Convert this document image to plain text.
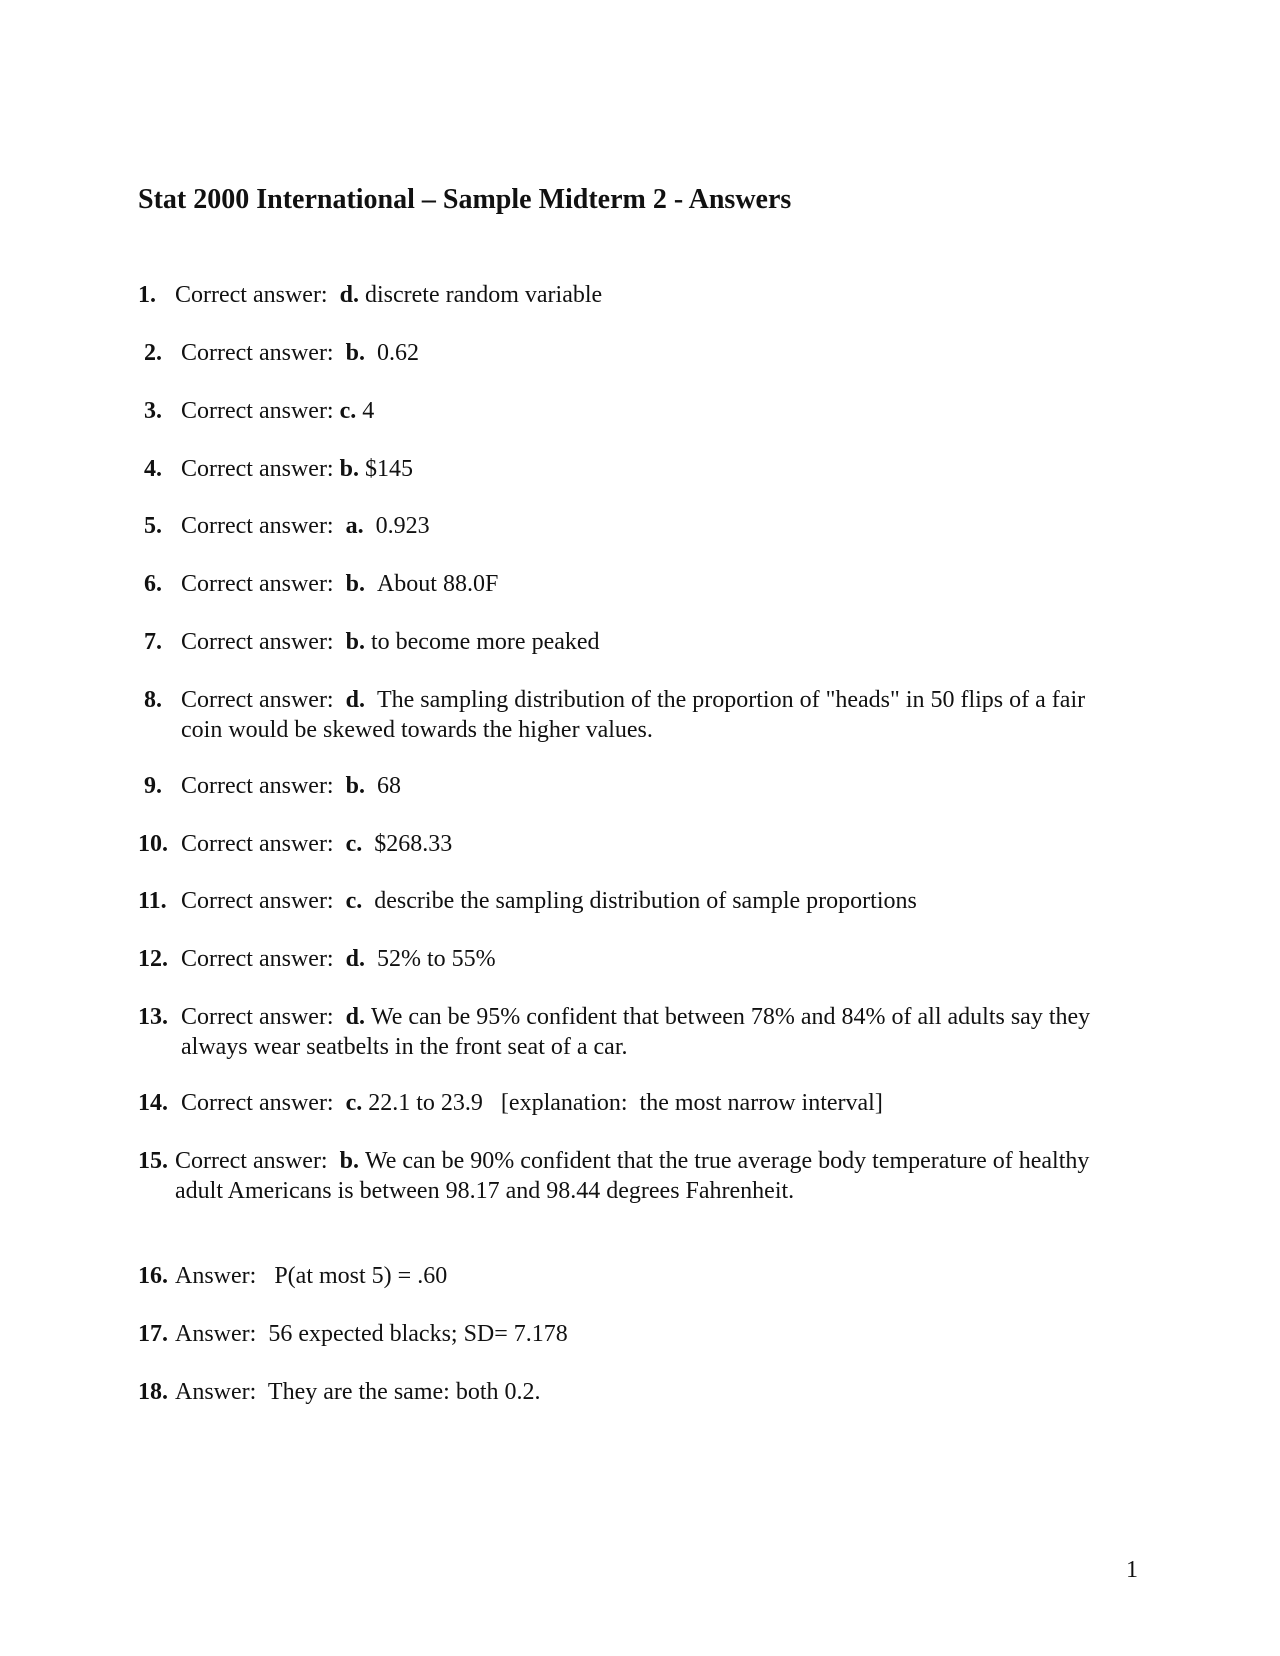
Stat 2000 International – Sample Midterm 2 - Answers
1. Correct answer: d. discrete random variable
2. Correct answer: b. 0.62
3. Correct answer: c. 4
4. Correct answer: b. $145
5. Correct answer: a. 0.923
6. Correct answer: b. About 88.0F
7. Correct answer: b. to become more peaked
8. Correct answer: d. The sampling distribution of the proportion of "heads" in 50 flips of a fair
coin would be skewed towards the higher values.
9. Correct answer: b. 68
10. Correct answer: c. $268.33
11. Correct answer: c. describe the sampling distribution of sample proportions
12. Correct answer: d. 52% to 55%
13. Correct answer: d. We can be 95% confident that between 78% and 84% of all adults say they
always wear seatbelts in the front seat of a car.
14. Correct answer: c. 22.1 to 23.9   [explanation:  the most narrow interval]
15. Correct answer: b. We can be 90% confident that the true average body temperature of healthy
adult Americans is between 98.17 and 98.44 degrees Fahrenheit.
16. Answer: P(at most 5) = .60
17. Answer: 56 expected blacks; SD= 7.178
18. Answer: They are the same: both 0.2.
1
